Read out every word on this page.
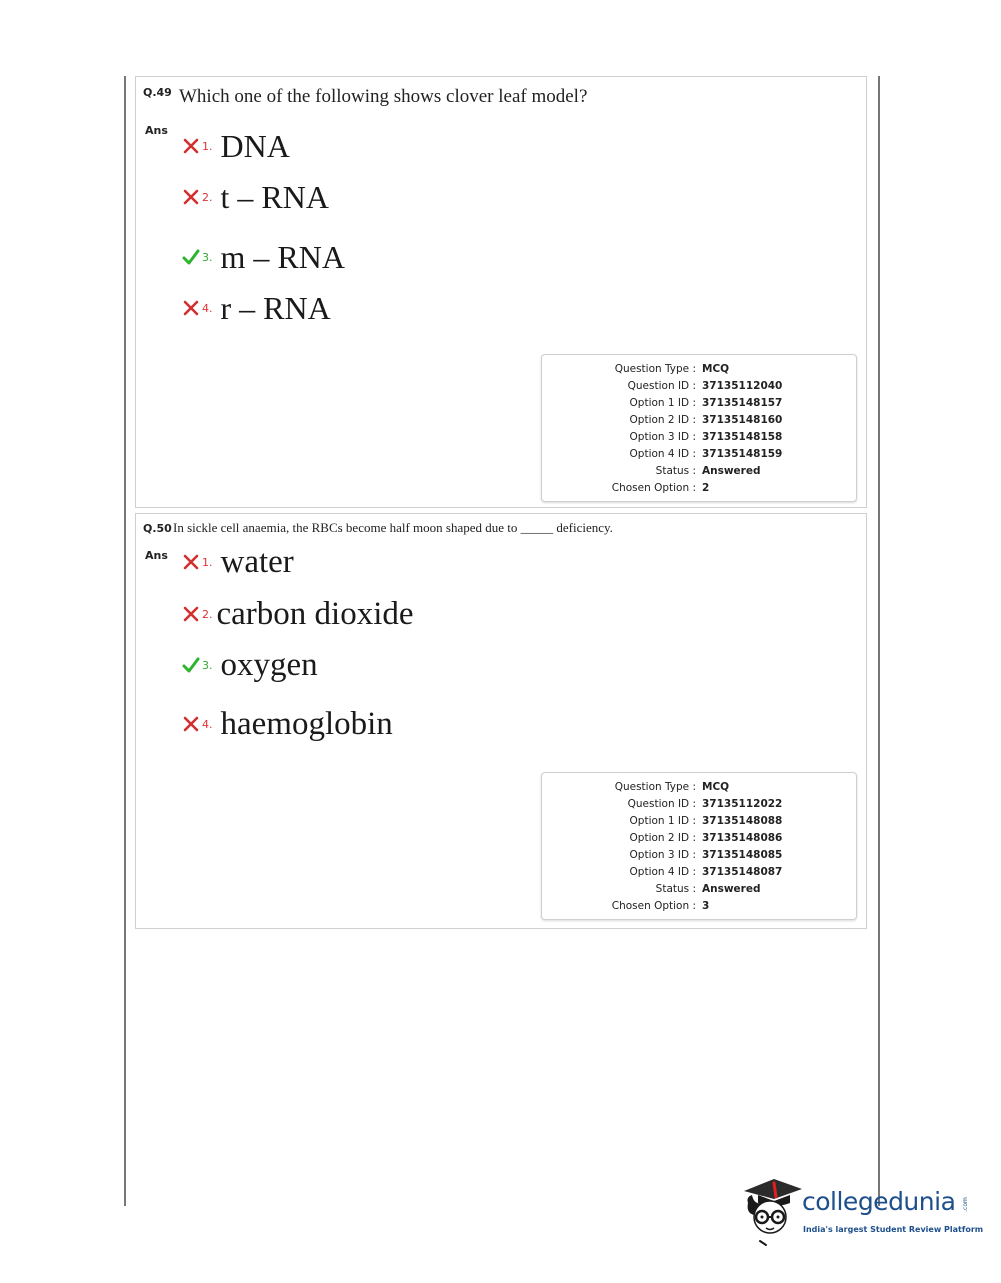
Q.49 Which one of the following shows clover leaf model?
Ans
1. DNA
2. t – RNA
3. m – RNA
4. r – RNA
Question Type : MCQ
Question ID : 37135112040
Option 1 ID : 37135148157
Option 2 ID : 37135148160
Option 3 ID : 37135148158
Option 4 ID : 37135148159
Status : Answered
Chosen Option : 2
Q.50 In sickle cell anaemia, the RBCs become half moon shaped due to _____ deficiency.
Ans	1. water
2. carbon dioxide
3. oxygen
4. haemoglobin
Question Type : MCQ
Question ID : 37135112022
Option 1 ID : 37135148088
Option 2 ID : 37135148086
Option 3 ID : 37135148085
Option 4 ID : 37135148087
Status : Answered
Chosen Option : 3
collegedunia .com
India's largest Student Review Platform
